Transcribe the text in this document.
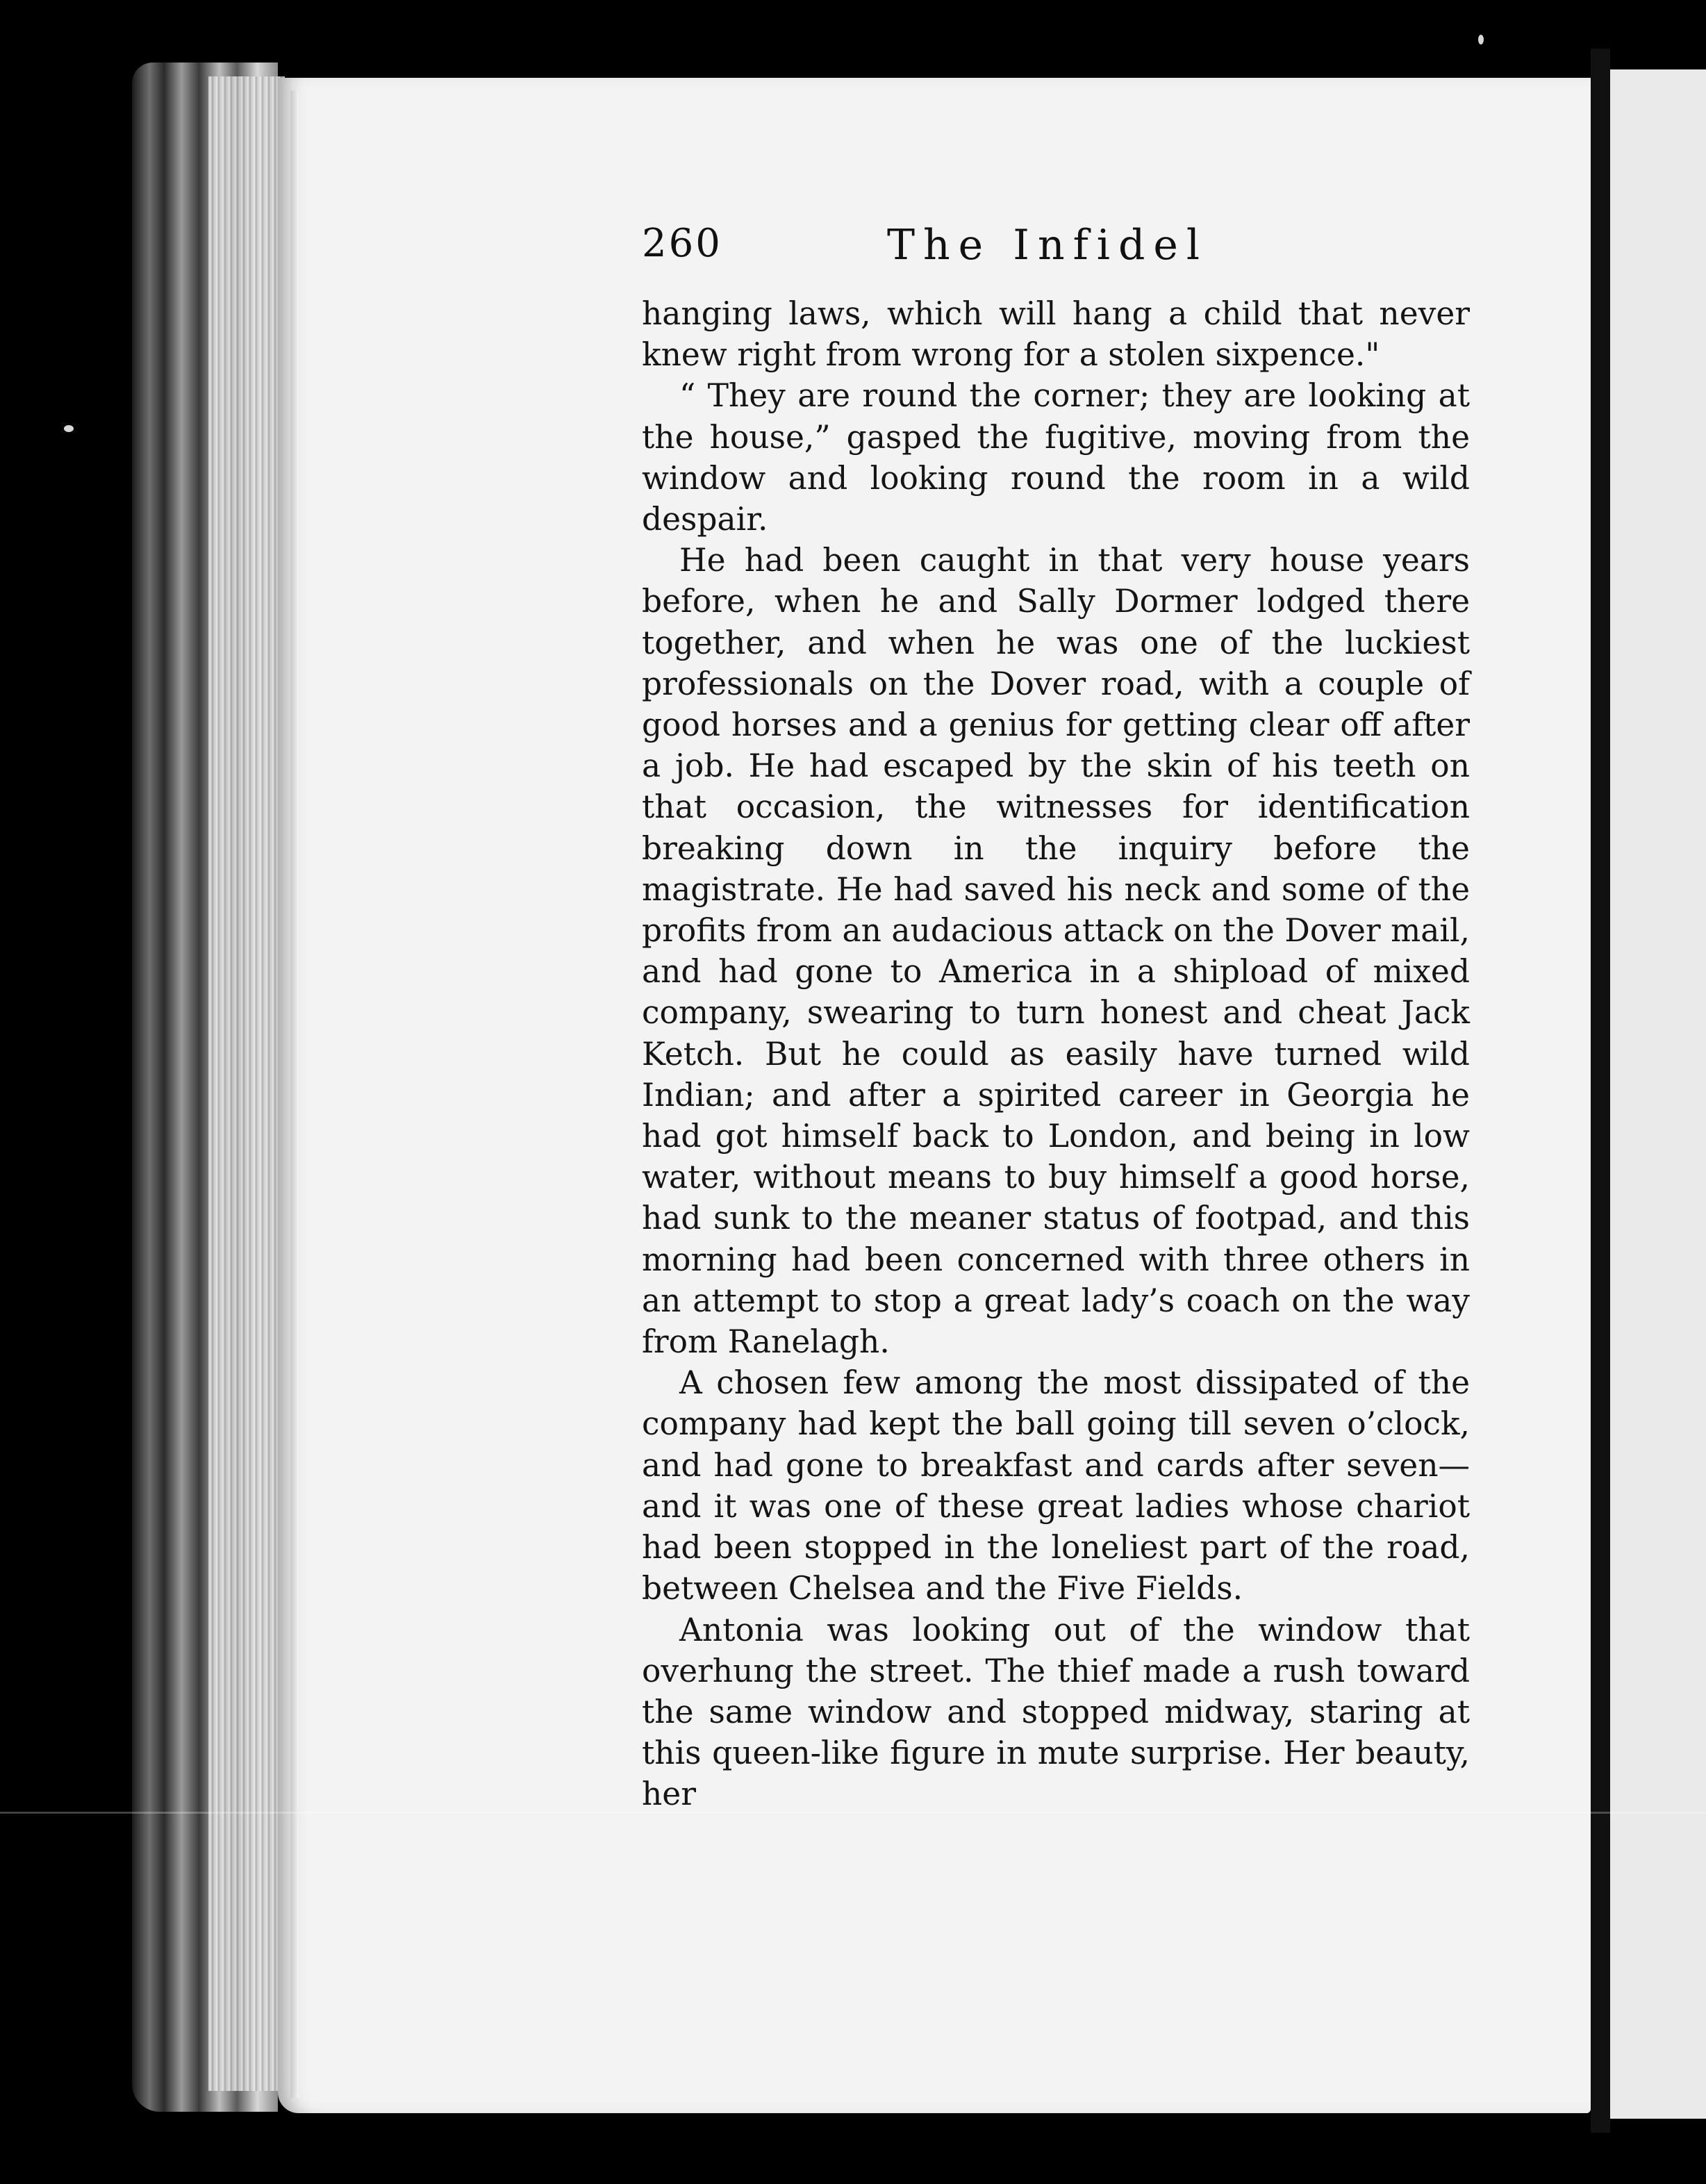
260	The Infidel

hanging laws, which will hang a child that never knew right from wrong for a stolen sixpence."

“ They are round the corner; they are looking at the house,” gasped the fugitive, moving from the window and looking round the room in a wild despair.

He had been caught in that very house years before, when he and Sally Dormer lodged there together, and when he was one of the luckiest professionals on the Dover road, with a couple of good horses and a genius for getting clear off after a job. He had escaped by the skin of his teeth on that occasion, the witnesses for identification breaking down in the inquiry before the magistrate. He had saved his neck and some of the profits from an audacious attack on the Dover mail, and had gone to America in a shipload of mixed company, swearing to turn honest and cheat Jack Ketch. But he could as easily have turned wild Indian; and after a spirited career in Georgia he had got himself back to London, and being in low water, without means to buy himself a good horse, had sunk to the meaner status of footpad, and this morning had been concerned with three others in an attempt to stop a great lady’s coach on the way from Ranelagh.

A chosen few among the most dissipated of the company had kept the ball going till seven o’clock, and had gone to breakfast and cards after seven— and it was one of these great ladies whose chariot had been stopped in the loneliest part of the road, between Chelsea and the Five Fields.

Antonia was looking out of the window that overhung the street. The thief made a rush toward the same window and stopped midway, staring at this queen-like figure in mute surprise. Her beauty, her
